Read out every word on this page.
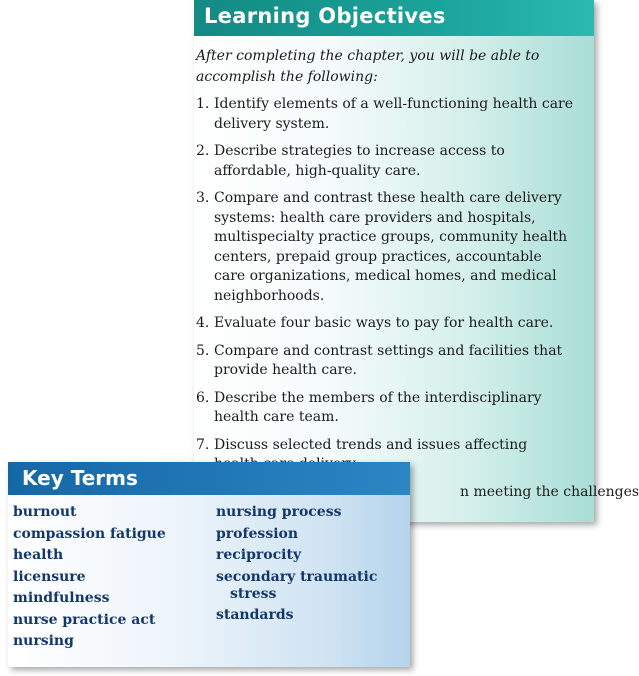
Learning Objectives
After completing the chapter, you will be able to accomplish the following:
1. Identify elements of a well-functioning health care delivery system.
2. Describe strategies to increase access to affordable, high-quality care.
3. Compare and contrast these health care delivery systems: health care providers and hospitals, multispecialty practice groups, community health centers, prepaid group practices, accountable care organizations, medical homes, and medical neighborhoods.
4. Evaluate four basic ways to pay for health care.
5. Compare and contrast settings and facilities that provide health care.
6. Describe the members of the interdisciplinary health care team.
7. Discuss selected trends and issues affecting
n meeting the challenges
Key Terms
burnout
compassion fatigue
health
licensure
mindfulness
nurse practice act
nursing
nursing process
profession
reciprocity
secondary traumatic
stress
standards
